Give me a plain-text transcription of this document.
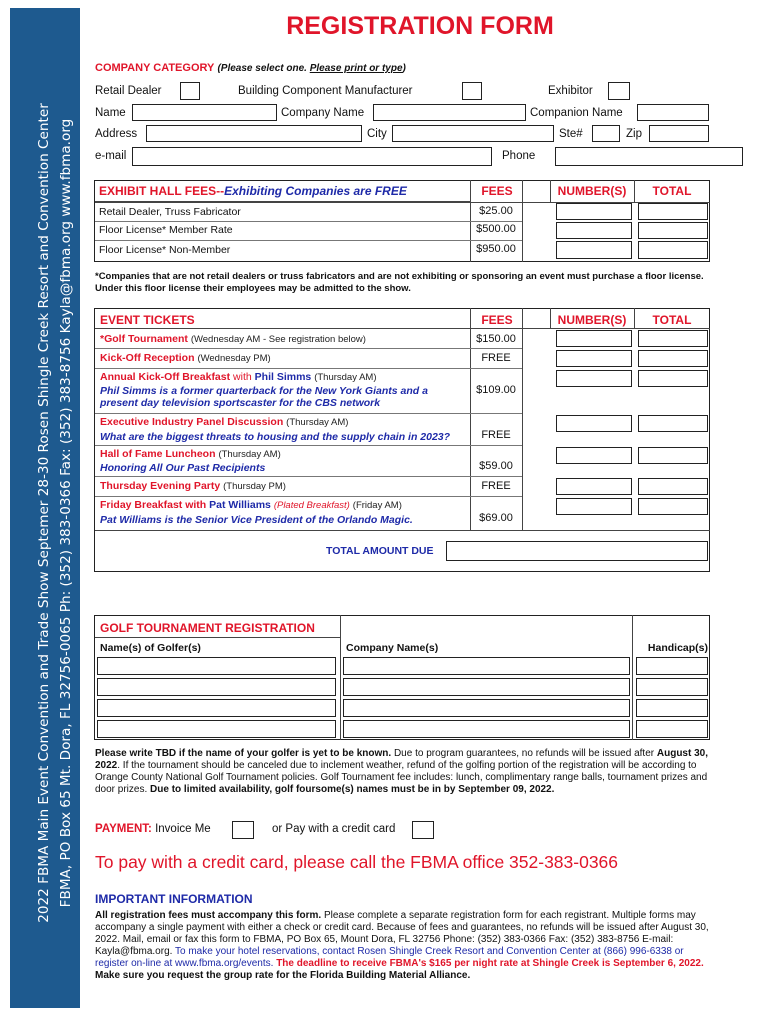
2022 FBMA Main Event Convention and Trade Show Septemer 28-30 Rosen Shingle Creek Resort and Convention Center FBMA, PO Box 65 Mt. Dora, FL 32756-0065 Ph: (352) 383-0366 Fax: (352) 383-8756 Kayla@fbma.org www.fbma.org
REGISTRATION FORM
COMPANY CATEGORY (Please select one. Please print or type)
Retail Dealer	Building Component Manufacturer	Exhibitor
Name	Company Name	Companion Name
Address	City	Ste#	Zip
e-mail	Phone
EXHIBIT HALL FEES--Exhibiting Companies are FREE	FEES	NUMBER(S)	TOTAL
Retail Dealer, Truss Fabricator	$25.00
Floor License* Member Rate	$500.00
Floor License* Non-Member	$950.00
*Companies that are not retail dealers or truss fabricators and are not exhibiting or sponsoring an event must purchase a floor license. Under this floor license their employees may be admitted to the show.
EVENT TICKETS	FEES	NUMBER(S)	TOTAL
*Golf Tournament (Wednesday AM - See registration below)	$150.00
Kick-Off Reception (Wednesday PM)	FREE
Annual Kick-Off Breakfast with Phil Simms (Thursday AM)
Phil Simms is a former quarterback for the New York Giants and a present day television sportscaster for the CBS network
$109.00
Executive Industry Panel Discussion (Thursday AM)
What are the biggest threats to housing and the supply chain in 2023?	FREE
Hall of Fame Luncheon (Thursday AM)
Honoring All Our Past Recipients	$59.00
Thursday Evening Party (Thursday PM)	FREE
Friday Breakfast with Pat Williams (Plated Breakfast) (Friday AM)
Pat Williams is the Senior Vice President of the Orlando Magic.	$69.00
TOTAL AMOUNT DUE
GOLF TOURNAMENT REGISTRATION
Name(s) of Golfer(s)	Company Name(s)	Handicap(s)
Please write TBD if the name of your golfer is yet to be known. Due to program guarantees, no refunds will be issued after August 30, 2022. If the tournament should be canceled due to inclement weather, refund of the golfing portion of the registration will be according to Orange County National Golf Tournament policies. Golf Tournament fee includes: lunch, complimentary range balls, tournament prizes and door prizes. Due to limited availability, golf foursome(s) names must be in by September 09, 2022.
PAYMENT: Invoice Me	or Pay with a credit card
To pay with a credit card, please call the FBMA office 352-383-0366
IMPORTANT INFORMATION
All registration fees must accompany this form. Please complete a separate registration form for each registrant. Multiple forms may accompany a single payment with either a check or credit card. Because of fees and guarantees, no refunds will be issued after August 30, 2022. Mail, email or fax this form to FBMA, PO Box 65, Mount Dora, FL 32756 Phone: (352) 383-0366 Fax: (352) 383-8756 E-mail: Kayla@fbma.org. To make your hotel reservations, contact Rosen Shingle Creek Resort and Convention Center at (866) 996-6338 or register on-line at www.fbma.org/events. The deadline to receive FBMA's $165 per night rate at Shingle Creek is September 6, 2022. Make sure you request the group rate for the Florida Building Material Alliance.
